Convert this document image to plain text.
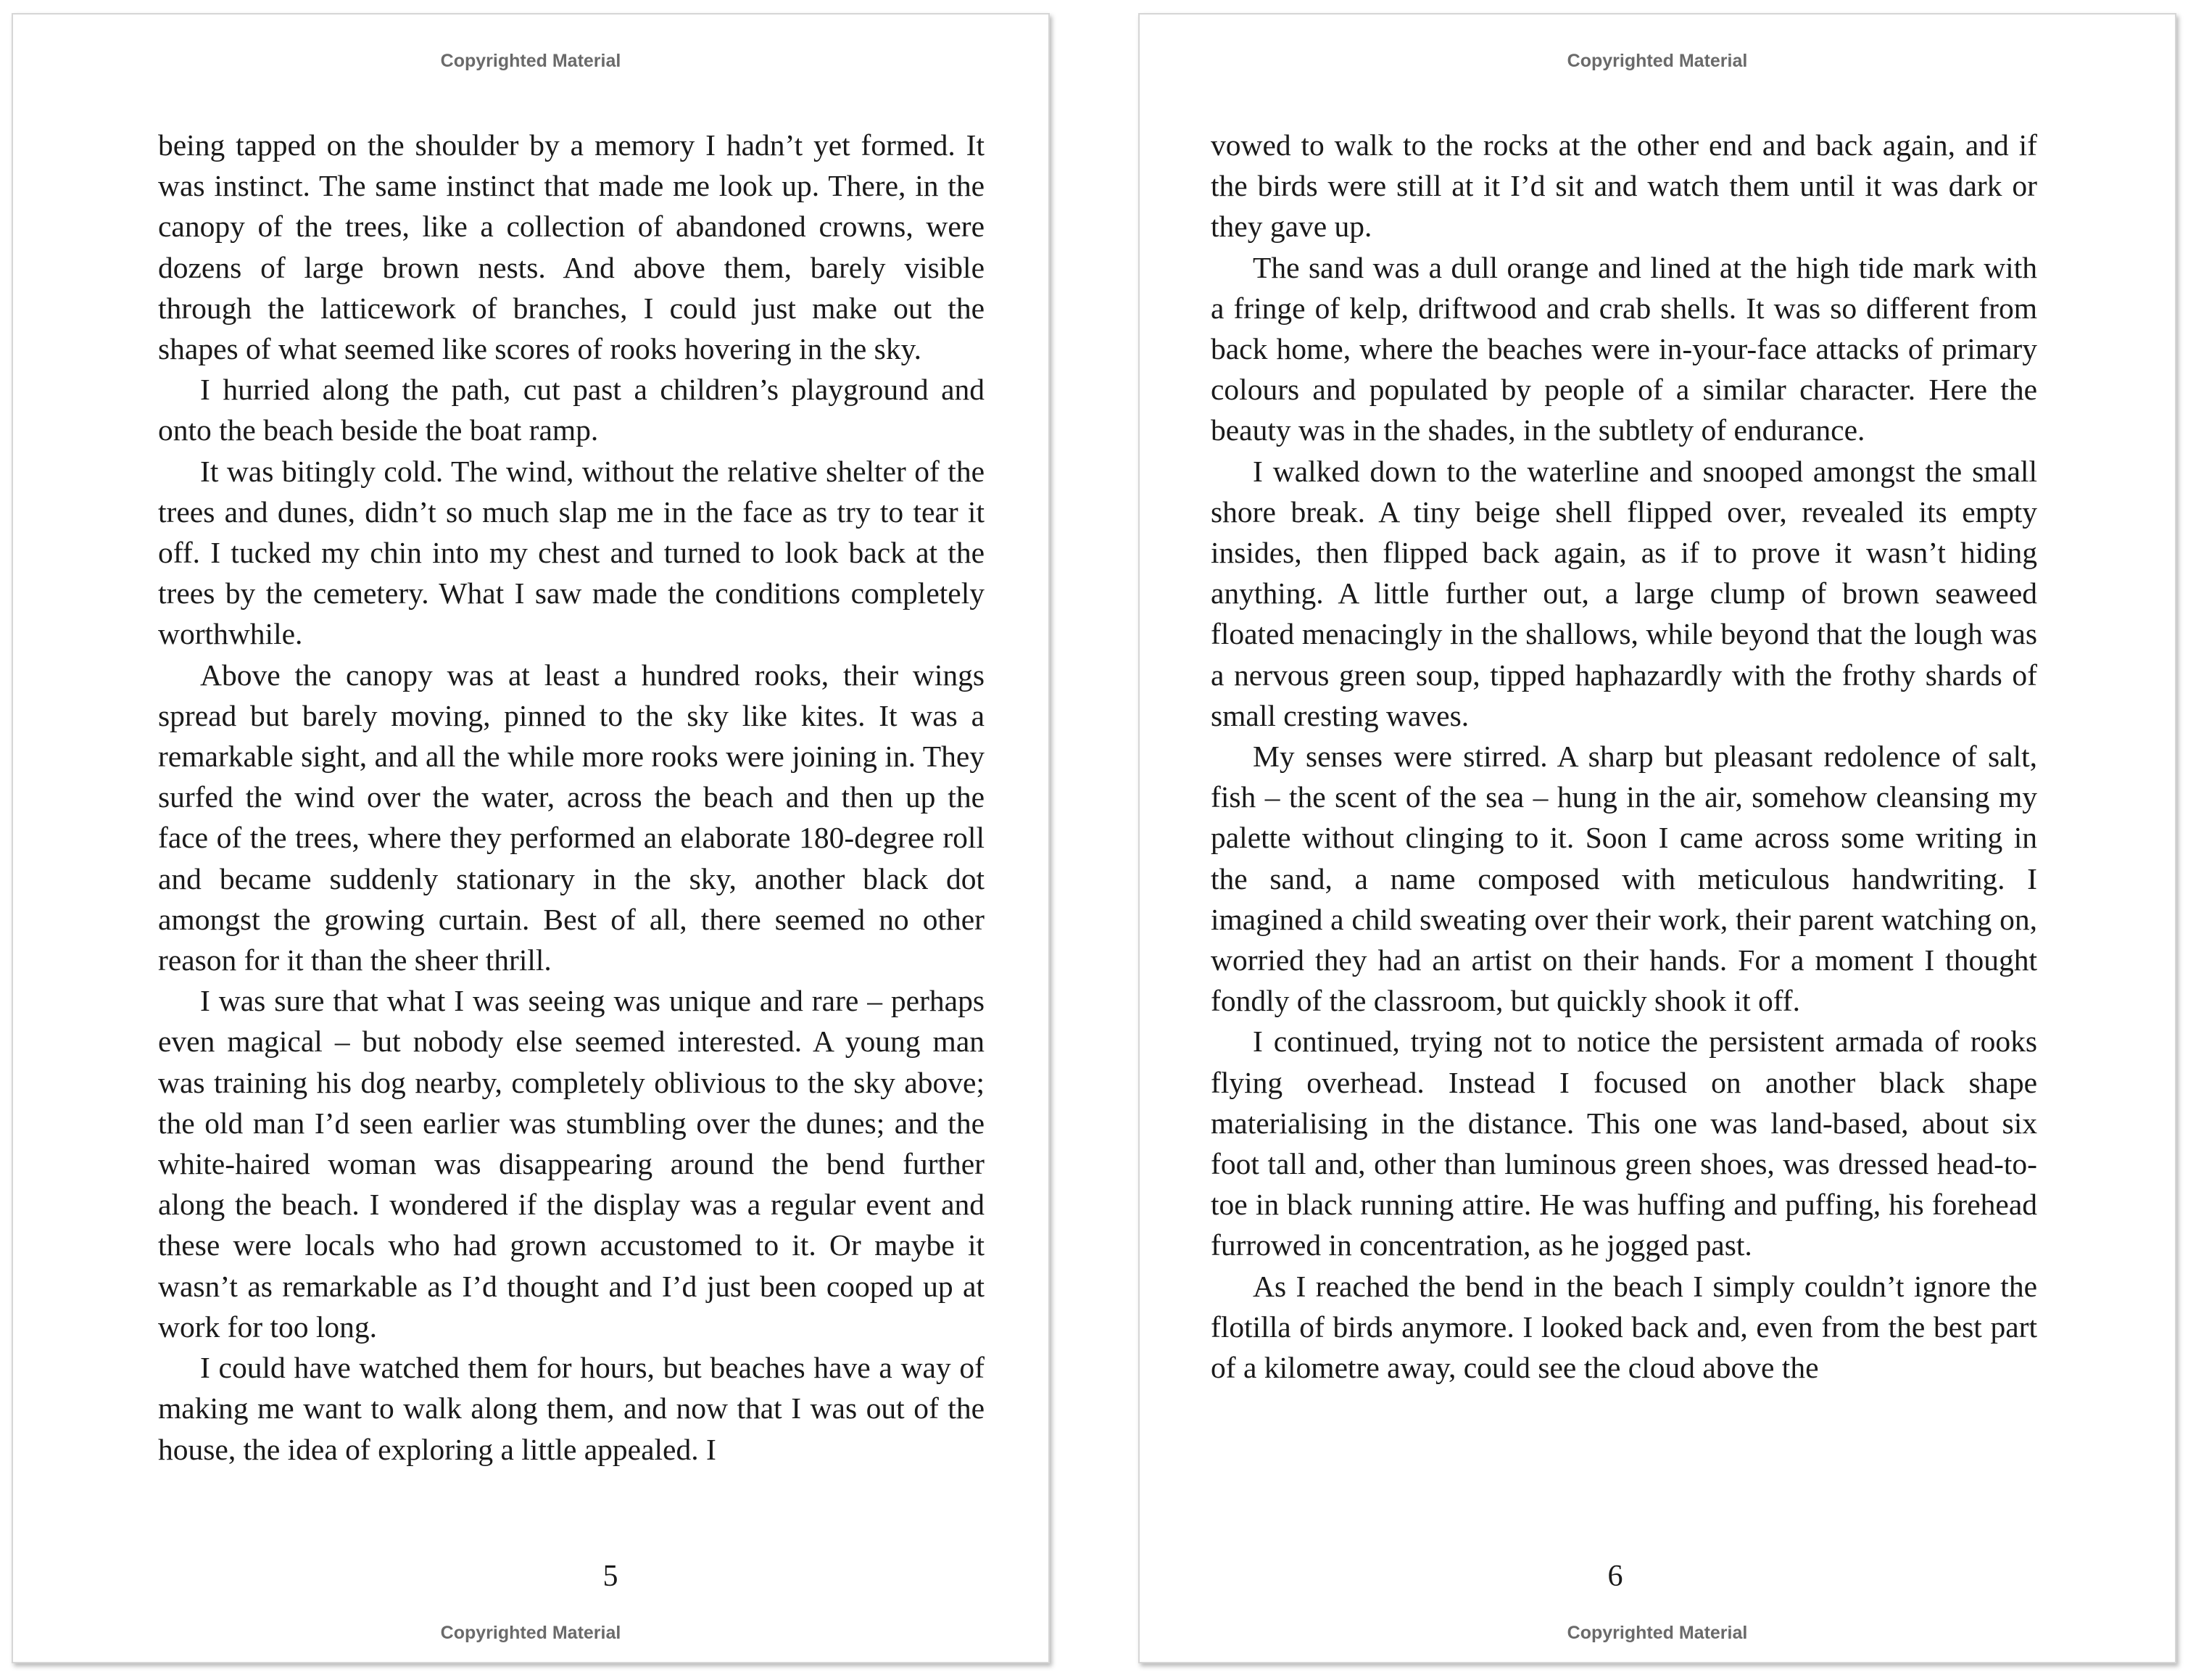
Copyrighted Material

being tapped on the shoulder by a memory I hadn’t yet formed. It was instinct. The same instinct that made me look up. There, in the canopy of the trees, like a collection of abandoned crowns, were dozens of large brown nests. And above them, barely visible through the latticework of branches, I could just make out the shapes of what seemed like scores of rooks hovering in the sky.

I hurried along the path, cut past a children’s playground and onto the beach beside the boat ramp.

It was bitingly cold. The wind, without the relative shelter of the trees and dunes, didn’t so much slap me in the face as try to tear it off. I tucked my chin into my chest and turned to look back at the trees by the cemetery. What I saw made the conditions completely worthwhile.

Above the canopy was at least a hundred rooks, their wings spread but barely moving, pinned to the sky like kites. It was a remarkable sight, and all the while more rooks were joining in. They surfed the wind over the water, across the beach and then up the face of the trees, where they performed an elaborate 180-degree roll and became suddenly stationary in the sky, another black dot amongst the growing curtain. Best of all, there seemed no other reason for it than the sheer thrill.

I was sure that what I was seeing was unique and rare – perhaps even magical – but nobody else seemed interested. A young man was training his dog nearby, completely oblivious to the sky above; the old man I’d seen earlier was stumbling over the dunes; and the white-haired woman was disappearing around the bend further along the beach. I wondered if the display was a regular event and these were locals who had grown accustomed to it. Or maybe it wasn’t as remarkable as I’d thought and I’d just been cooped up at work for too long.

I could have watched them for hours, but beaches have a way of making me want to walk along them, and now that I was out of the house, the idea of exploring a little appealed. I

5
Copyrighted Material
Copyrighted Material

vowed to walk to the rocks at the other end and back again, and if the birds were still at it I’d sit and watch them until it was dark or they gave up.

The sand was a dull orange and lined at the high tide mark with a fringe of kelp, driftwood and crab shells. It was so different from back home, where the beaches were in-your-face attacks of primary colours and populated by people of a similar character. Here the beauty was in the shades, in the subtlety of endurance.

I walked down to the waterline and snooped amongst the small shore break. A tiny beige shell flipped over, revealed its empty insides, then flipped back again, as if to prove it wasn’t hiding anything. A little further out, a large clump of brown seaweed floated menacingly in the shallows, while beyond that the lough was a nervous green soup, tipped haphazardly with the frothy shards of small cresting waves.

My senses were stirred. A sharp but pleasant redolence of salt, fish – the scent of the sea – hung in the air, somehow cleansing my palette without clinging to it. Soon I came across some writing in the sand, a name composed with meticulous handwriting. I imagined a child sweating over their work, their parent watching on, worried they had an artist on their hands. For a moment I thought fondly of the classroom, but quickly shook it off.

I continued, trying not to notice the persistent armada of rooks flying overhead. Instead I focused on another black shape materialising in the distance. This one was land-based, about six foot tall and, other than luminous green shoes, was dressed head-to-toe in black running attire. He was huffing and puffing, his forehead furrowed in concentration, as he jogged past.

As I reached the bend in the beach I simply couldn’t ignore the flotilla of birds anymore. I looked back and, even from the best part of a kilometre away, could see the cloud above the

6
Copyrighted Material
